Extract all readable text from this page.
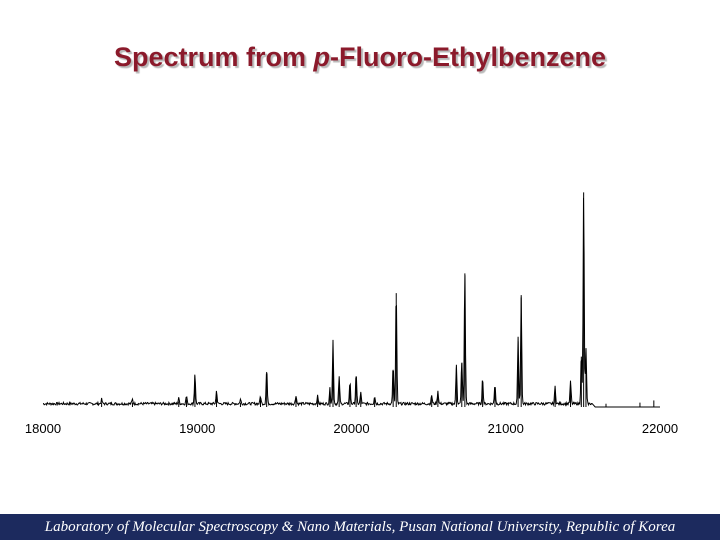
Spectrum from p-Fluoro-Ethylbenzene
18000	19000	20000	21000	22000
Laboratory of Molecular Spectroscopy & Nano Materials, Pusan National University, Republic of Korea
